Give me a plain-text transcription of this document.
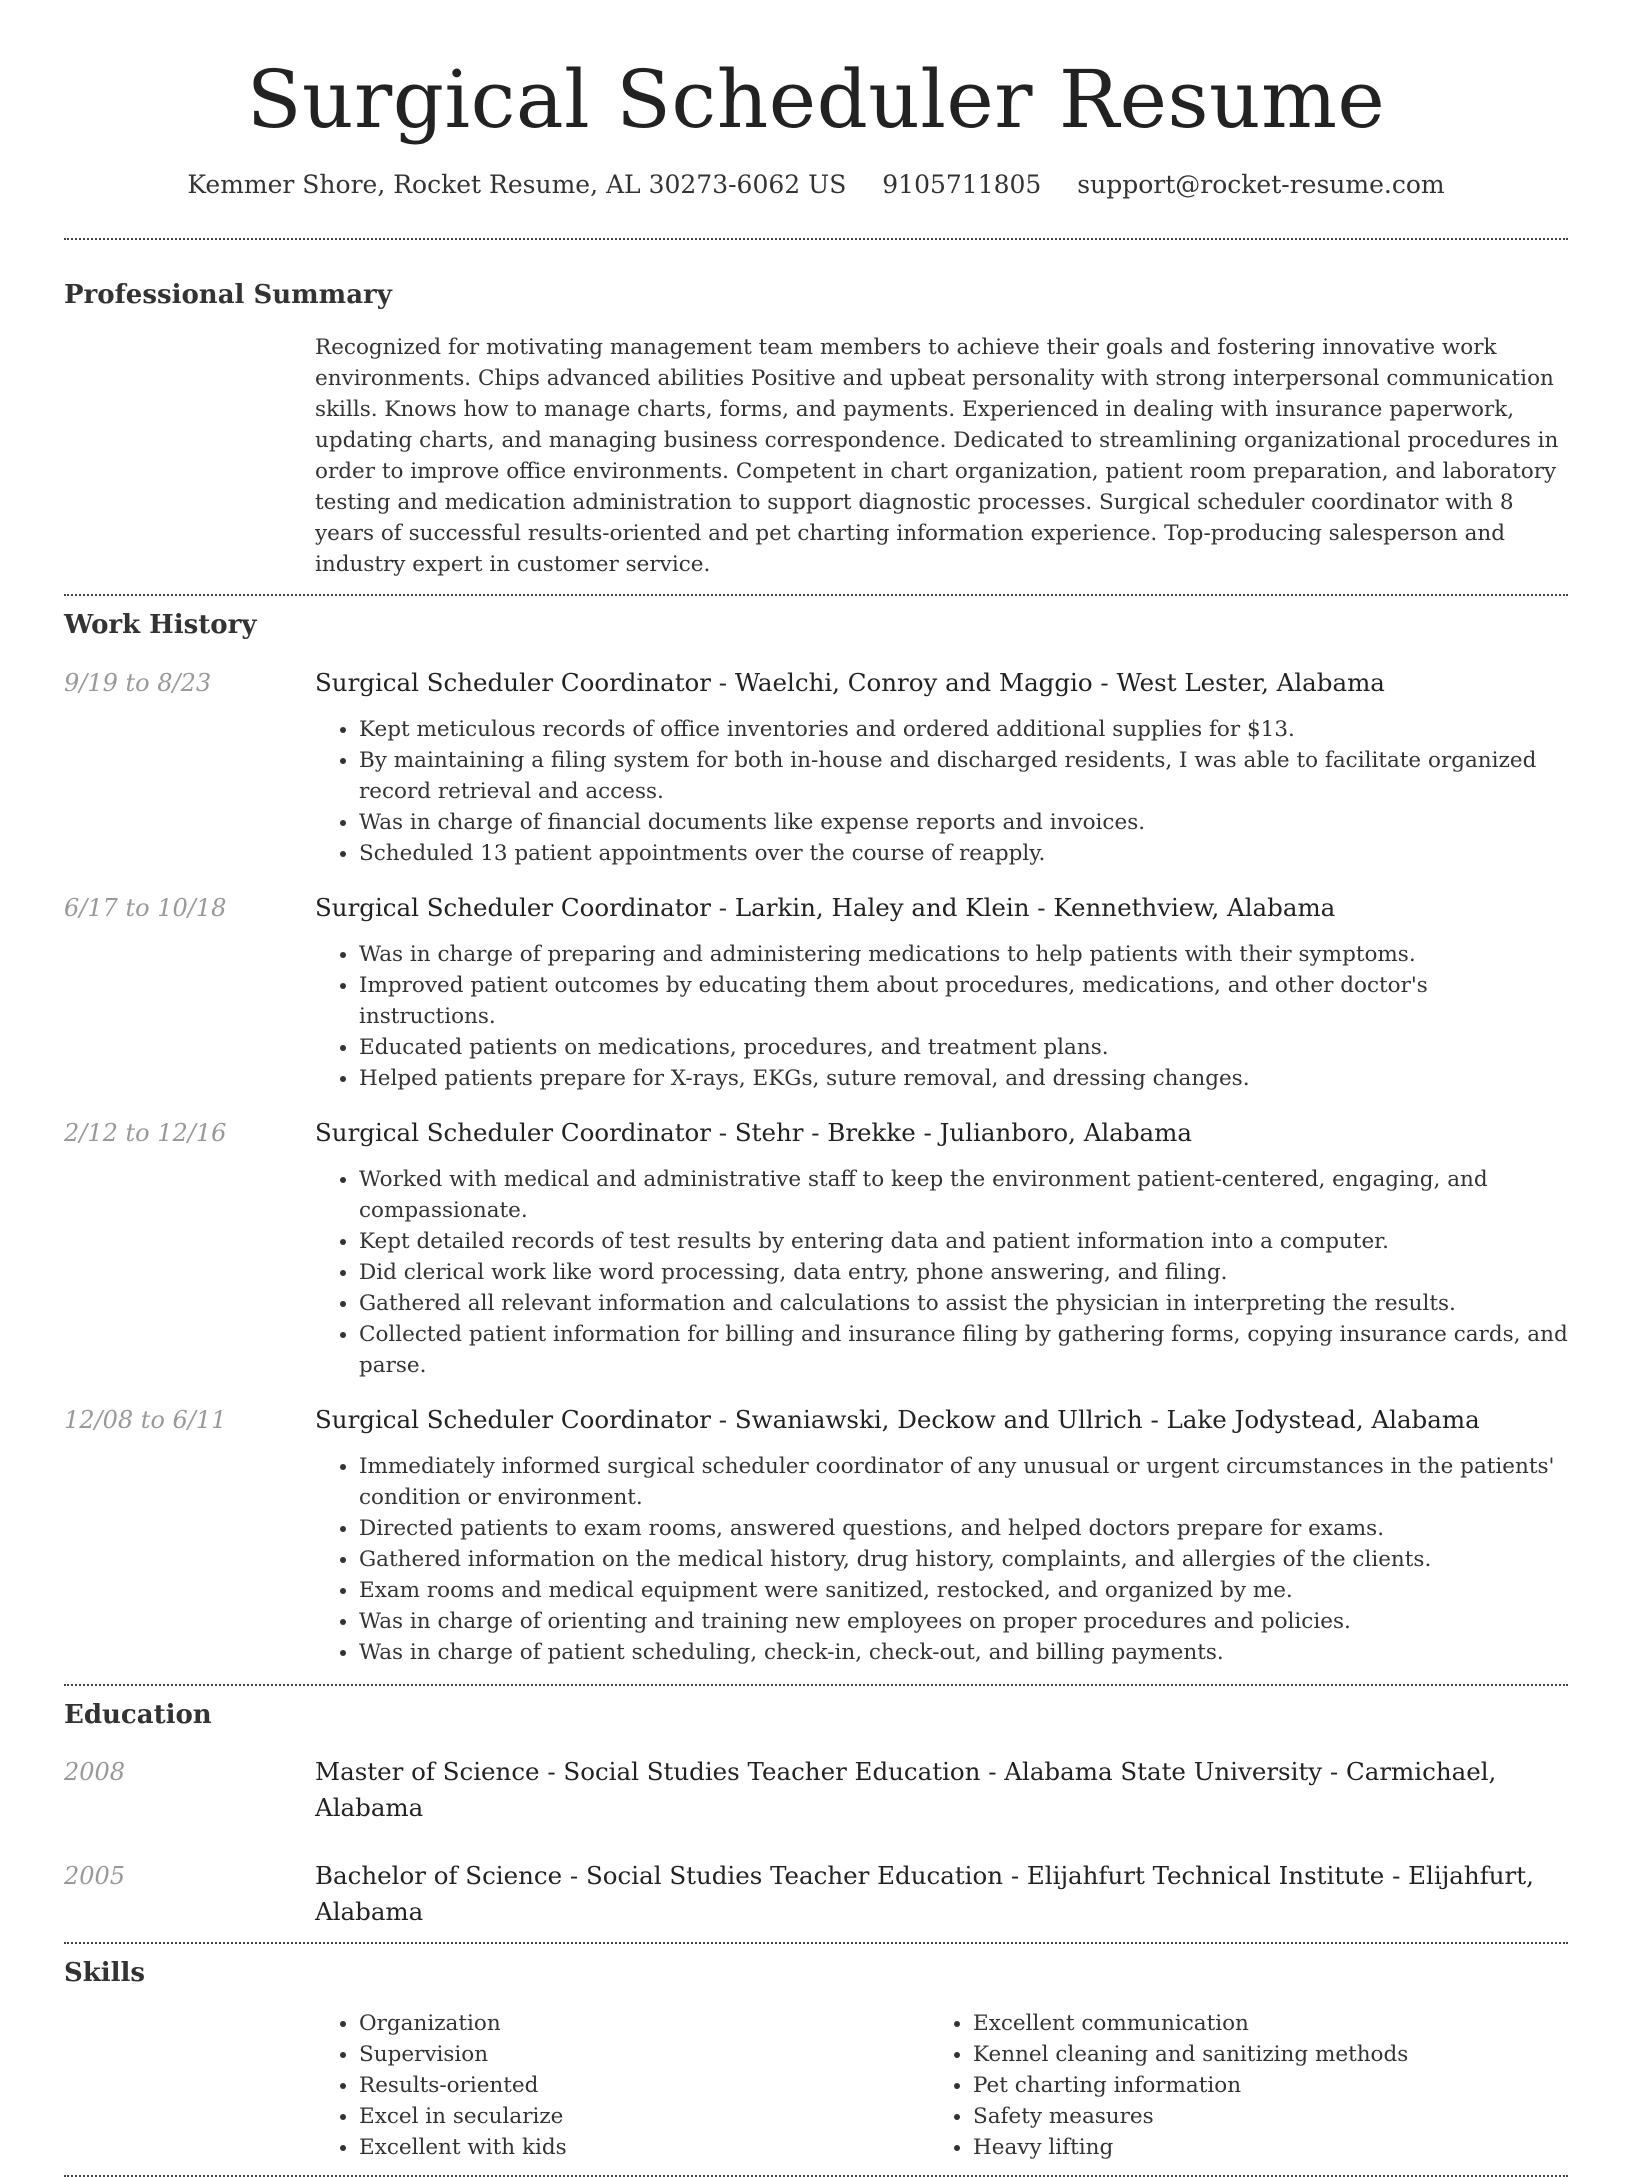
Surgical Scheduler Resume
Kemmer Shore, Rocket Resume, AL 30273-6062 US 9105711805 support@rocket-resume.com
Professional Summary

Recognized for motivating management team members to achieve their goals and fostering innovative work environments. Chips advanced abilities Positive and upbeat personality with strong interpersonal communication skills. Knows how to manage charts, forms, and payments. Experienced in dealing with insurance paperwork, updating charts, and managing business correspondence. Dedicated to streamlining organizational procedures in order to improve office environments. Competent in chart organization, patient room preparation, and laboratory testing and medication administration to support diagnostic processes. Surgical scheduler coordinator with 8 years of successful results-oriented and pet charting information experience. Top-producing salesperson and industry expert in customer service.

Work History
9/19 to 8/23	Surgical Scheduler Coordinator - Waelchi, Conroy and Maggio - West Lester, Alabama
• Kept meticulous records of office inventories and ordered additional supplies for $13.
• By maintaining a filing system for both in-house and discharged residents, I was able to facilitate organized record retrieval and access.
• Was in charge of financial documents like expense reports and invoices.
• Scheduled 13 patient appointments over the course of reapply.
6/17 to 10/18	Surgical Scheduler Coordinator - Larkin, Haley and Klein - Kennethview, Alabama
• Was in charge of preparing and administering medications to help patients with their symptoms.
• Improved patient outcomes by educating them about procedures, medications, and other doctor's instructions.
• Educated patients on medications, procedures, and treatment plans.
• Helped patients prepare for X-rays, EKGs, suture removal, and dressing changes.
2/12 to 12/16	Surgical Scheduler Coordinator - Stehr - Brekke - Julianboro, Alabama
• Worked with medical and administrative staff to keep the environment patient-centered, engaging, and compassionate.
• Kept detailed records of test results by entering data and patient information into a computer.
• Did clerical work like word processing, data entry, phone answering, and filing.
• Gathered all relevant information and calculations to assist the physician in interpreting the results.
• Collected patient information for billing and insurance filing by gathering forms, copying insurance cards, and parse.
12/08 to 6/11	Surgical Scheduler Coordinator - Swaniawski, Deckow and Ullrich - Lake Jodystead, Alabama
• Immediately informed surgical scheduler coordinator of any unusual or urgent circumstances in the patients' condition or environment.
• Directed patients to exam rooms, answered questions, and helped doctors prepare for exams.
• Gathered information on the medical history, drug history, complaints, and allergies of the clients.
• Exam rooms and medical equipment were sanitized, restocked, and organized by me.
• Was in charge of orienting and training new employees on proper procedures and policies.
• Was in charge of patient scheduling, check-in, check-out, and billing payments.
Education
2008	Master of Science - Social Studies Teacher Education - Alabama State University - Carmichael, Alabama
2005	Bachelor of Science - Social Studies Teacher Education - Elijahfurt Technical Institute - Elijahfurt, Alabama
Skills
• Organization
• Supervision
• Results-oriented
• Excel in secularize
• Excellent with kids
• Excellent communication
• Kennel cleaning and sanitizing methods
• Pet charting information
• Safety measures
• Heavy lifting
